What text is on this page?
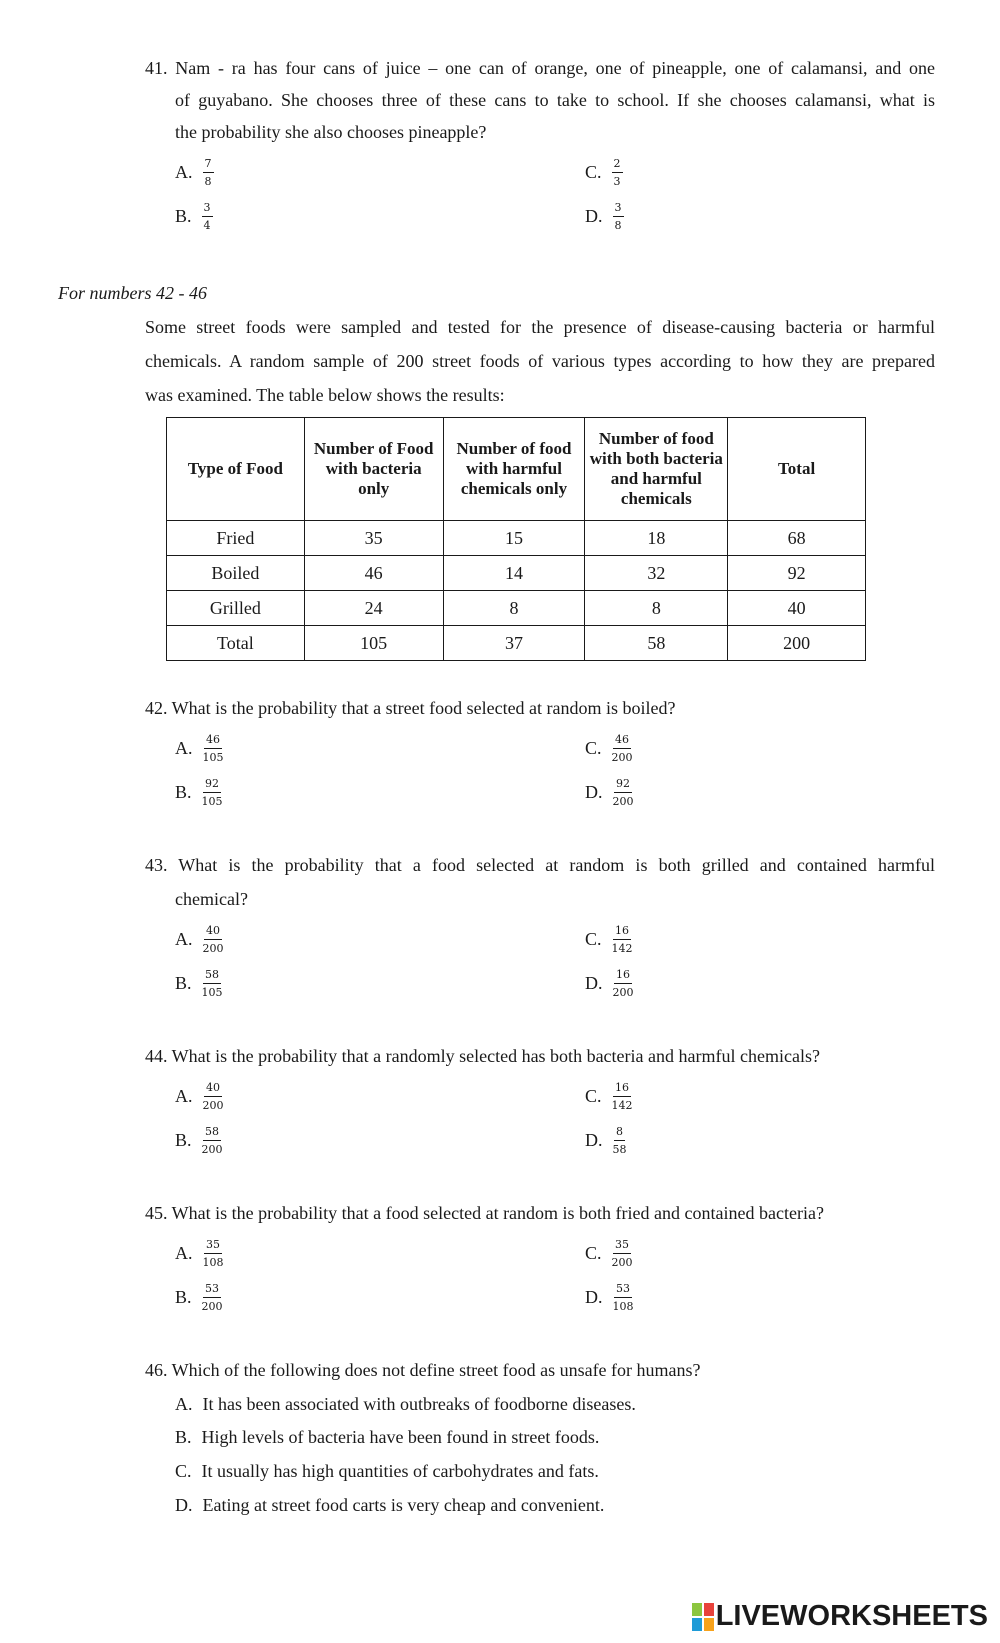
41. Nam - ra has four cans of juice – one can of orange, one of pineapple, one of calamansi, and one
of guyabano. She chooses three of these cans to take to school. If she chooses calamansi, what is
the probability she also chooses pineapple?
A. $\frac{7}{8}$
B. $\frac{3}{4}$
C. $\frac{2}{3}$
D. $\frac{3}{8}$
For numbers 42 - 46
Some street foods were sampled and tested for the presence of disease-causing bacteria or harmful
chemicals. A random sample of 200 street foods of various types according to how they are prepared
was examined. The table below shows the results:
Type of Food	Number of Food with bacteria only	Number of food with harmful chemicals only	Number of food with both bacteria and harmful chemicals	Total
Fried	35	15	18	68
Boiled	46	14	32	92
Grilled	24	8	8	40
Total	105	37	58	200
42. What is the probability that a street food selected at random is boiled?
A. $\frac{46}{105}$
B. $\frac{92}{105}$
C. $\frac{46}{200}$
D. $\frac{92}{200}$
43. What is the probability that a food selected at random is both grilled and contained harmful
chemical?
A. $\frac{40}{200}$
B. $\frac{58}{105}$
C. $\frac{16}{142}$
D. $\frac{16}{200}$
44. What is the probability that a randomly selected has both bacteria and harmful chemicals?
A. $\frac{40}{200}$
B. $\frac{58}{200}$
C. $\frac{16}{142}$
D. $\frac{8}{58}$
45. What is the probability that a food selected at random is both fried and contained bacteria?
A. $\frac{35}{108}$
B. $\frac{53}{200}$
C. $\frac{35}{200}$
D. $\frac{53}{108}$
46. Which of the following does not define street food as unsafe for humans?
A. It has been associated with outbreaks of foodborne diseases.
B. High levels of bacteria have been found in street foods.
C. It usually has high quantities of carbohydrates and fats.
D. Eating at street food carts is very cheap and convenient.
LIVEWORKSHEETS
